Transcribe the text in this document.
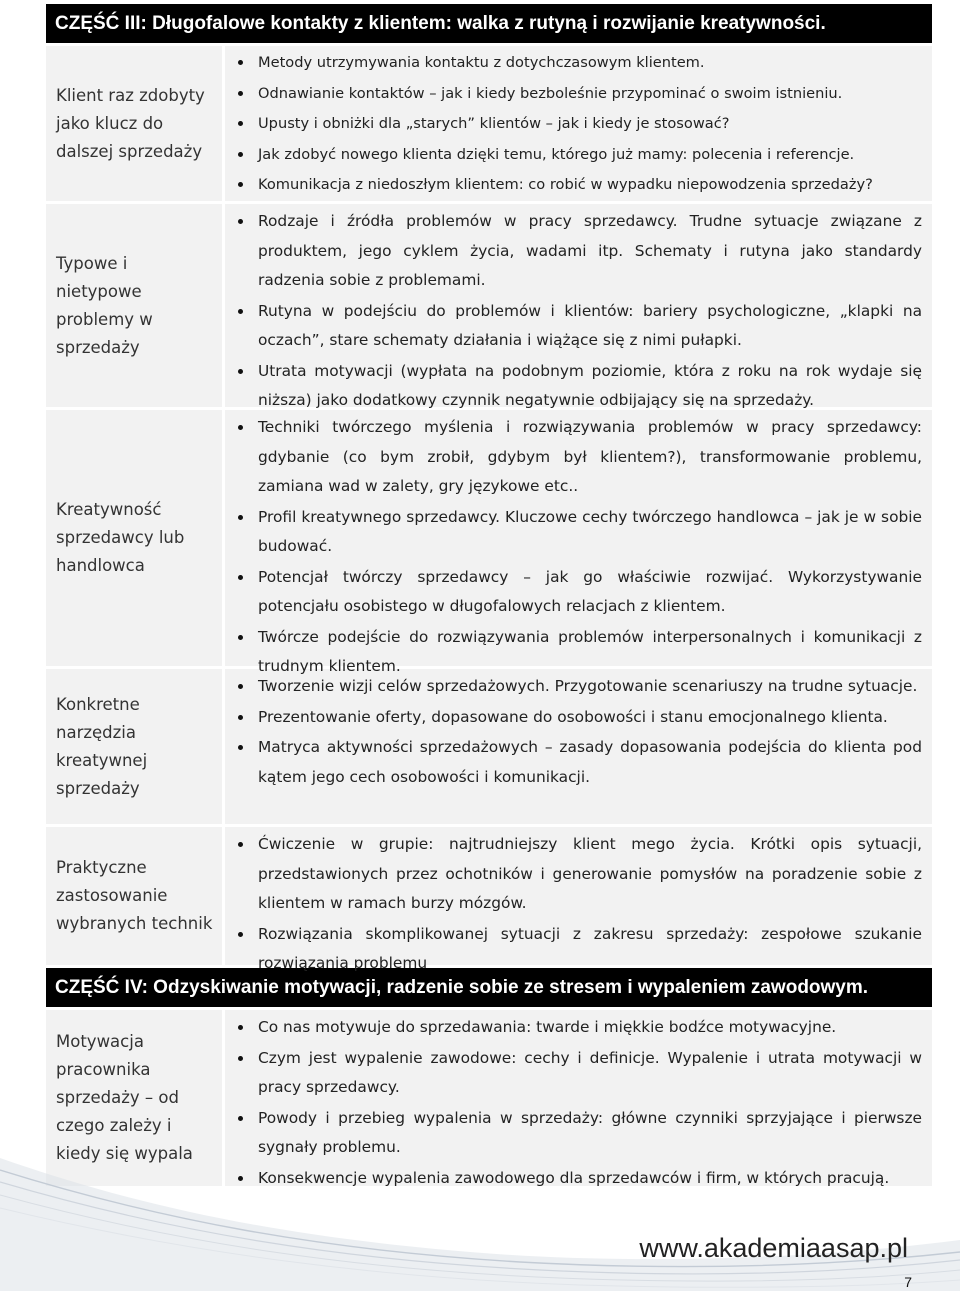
CZĘŚĆ III: Długofalowe kontakty z klientem: walka z rutyną i rozwijanie kreatywności.
Klient raz zdobyty jako klucz do dalszej sprzedaży
Metody utrzymywania kontaktu z dotychczasowym klientem.
Odnawianie kontaktów – jak i kiedy bezboleśnie przypominać o swoim istnieniu.
Upusty i obniżki dla „starych” klientów – jak i kiedy je stosować?
Jak zdobyć nowego klienta dzięki temu, którego już mamy: polecenia i referencje.
Komunikacja z niedoszłym klientem: co robić w wypadku niepowodzenia sprzedaży?
Typowe i nietypowe problemy w sprzedaży
Rodzaje i źródła problemów w pracy sprzedawcy. Trudne sytuacje związane z produktem, jego cyklem życia, wadami itp. Schematy i rutyna jako standardy radzenia sobie z problemami.
Rutyna w podejściu do problemów i klientów: bariery psychologiczne, „klapki na oczach”, stare schematy działania i wiążące się z nimi pułapki.
Utrata motywacji (wypłata na podobnym poziomie, która z roku na rok wydaje się niższa) jako dodatkowy czynnik negatywnie odbijający się na sprzedaży.
Kreatywność sprzedawcy lub handlowca
Techniki twórczego myślenia i rozwiązywania problemów w pracy sprzedawcy: gdybanie (co bym zrobił, gdybym był klientem?), transformowanie problemu, zamiana wad w zalety, gry językowe etc..
Profil kreatywnego sprzedawcy. Kluczowe cechy twórczego handlowca – jak je w sobie budować.
Potencjał twórczy sprzedawcy – jak go właściwie rozwijać. Wykorzystywanie potencjału osobistego w długofalowych relacjach z klientem.
Twórcze podejście do rozwiązywania problemów interpersonalnych i komunikacji z trudnym klientem.
Konkretne narzędzia kreatywnej sprzedaży
Tworzenie wizji celów sprzedażowych. Przygotowanie scenariuszy na trudne sytuacje.
Prezentowanie oferty, dopasowane do osobowości i stanu emocjonalnego klienta.
Matryca aktywności sprzedażowych – zasady dopasowania podejścia do klienta pod kątem jego cech osobowości i komunikacji.
Praktyczne zastosowanie wybranych technik
Ćwiczenie w grupie: najtrudniejszy klient mego życia. Krótki opis sytuacji, przedstawionych przez ochotników i generowanie pomysłów na poradzenie sobie z klientem w ramach burzy mózgów.
Rozwiązania skomplikowanej sytuacji z zakresu sprzedaży: zespołowe szukanie rozwiązania problemu
CZĘŚĆ IV: Odzyskiwanie motywacji, radzenie sobie ze stresem i wypaleniem zawodowym.
Motywacja pracownika sprzedaży – od czego zależy i kiedy się wypala
Co nas motywuje do sprzedawania: twarde i miękkie bodźce motywacyjne.
Czym jest wypalenie zawodowe: cechy i definicje. Wypalenie i utrata motywacji w pracy sprzedawcy.
Powody i przebieg wypalenia w sprzedaży: główne czynniki sprzyjające i pierwsze sygnały problemu.
Konsekwencje wypalenia zawodowego dla sprzedawców i firm, w których pracują.
www.akademiaasap.pl
7
